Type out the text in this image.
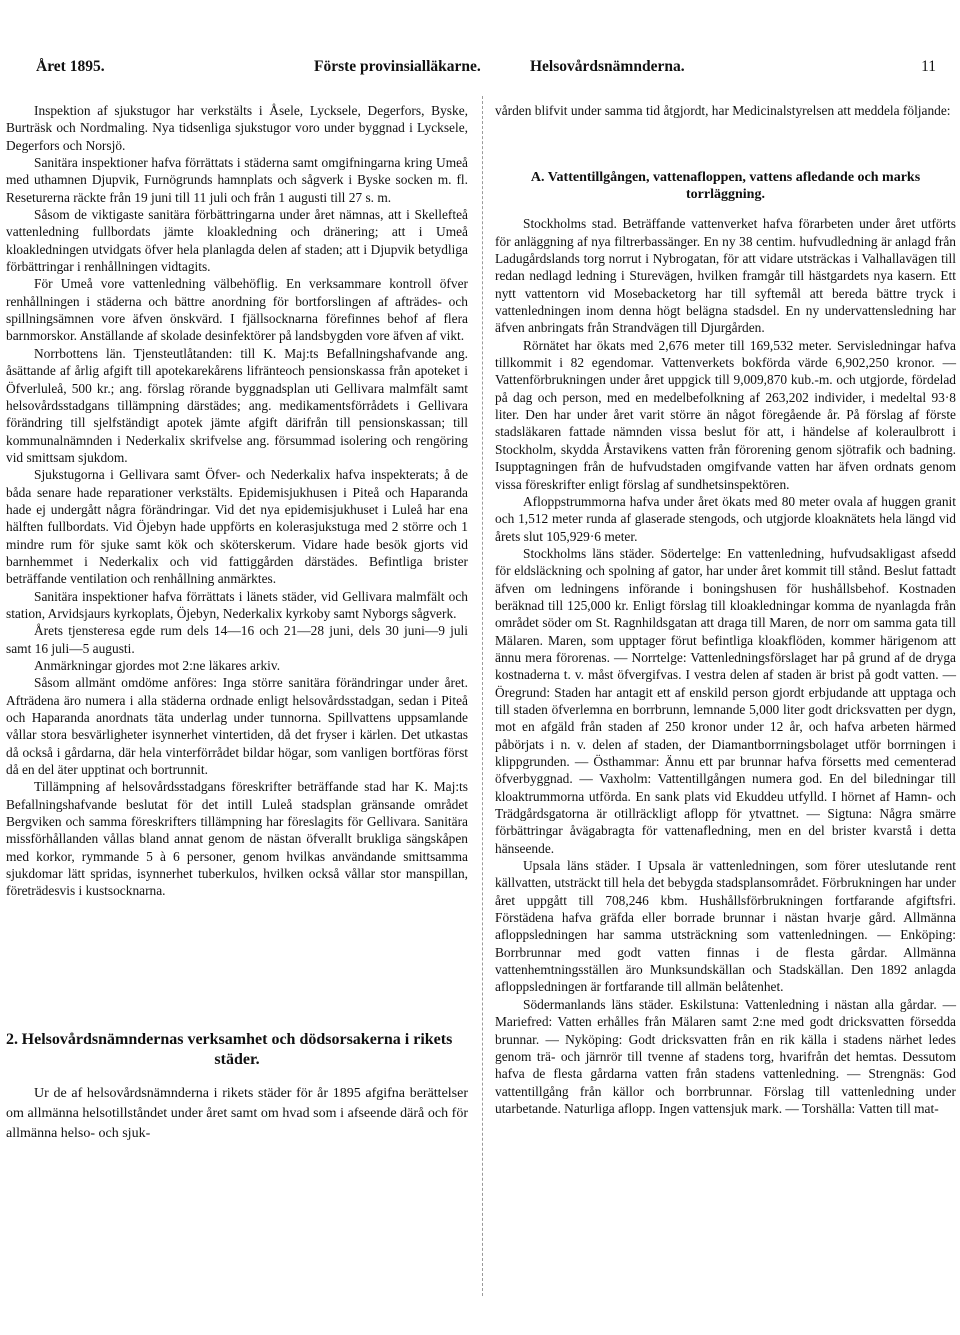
Året 1895.	Förste provinsialläkarne.	Helsovårdsnämnderna.	11

Inspektion af sjukstugor har verkstälts i Åsele, Lycksele, Degerfors, Byske, Burträsk och Nordmaling. Nya tidsenliga sjukstugor voro under byggnad i Lycksele, Degerfors och Norsjö.

Sanitära inspektioner hafva förrättats i städerna samt omgifningarna kring Umeå med uthamnen Djupvik, Furnögrunds hamnplats och sågverk i Byske socken m. fl. Reseturerna räckte från 19 juni till 11 juli och från 1 augusti till 27 s. m.

Såsom de viktigaste sanitära förbättringarna under året nämnas, att i Skellefteå vattenledning fullbordats jämte kloakledning och dränering; att i Umeå kloakledningen utvidgats öfver hela planlagda delen af staden; att i Djupvik betydliga förbättringar i renhållningen vidtagits.

För Umeå vore vattenledning välbehöflig. En verksammare kontroll öfver renhållningen i städerna och bättre anordning för bortforslingen af afträdes- och spillningsämnen vore äfven önskvärd. I fjällsocknarna förefinnes behof af flera barnmorskor. Anställande af skolade desinfektörer på landsbygden vore äfven af vikt.

Norrbottens län. Tjensteutlåtanden: till K. Maj:ts Befallningshafvande ang. åsättande af årlig afgift till apotekarekårens lifränteoch pensionskassa från apoteket i Öfverluleå, 500 kr.; ang. förslag rörande byggnadsplan uti Gellivara malmfält samt helsovårdsstadgans tillämpning därstädes; ang. medikamentsförrådets i Gellivara förändring till sjelfständigt apotek jämte afgift därifrån till pensionskassan; till kommunalnämnden i Nederkalix skrifvelse ang. försummad isolering och rengöring vid smittsam sjukdom.

Sjukstugorna i Gellivara samt Öfver- och Nederkalix hafva inspekterats; å de båda senare hade reparationer verkstälts. Epidemisjukhusen i Piteå och Haparanda hade ej undergått några förändringar. Vid det nya epidemisjukhuset i Luleå har ena hälften fullbordats. Vid Öjebyn hade uppförts en kolerasjukstuga med 2 större och 1 mindre rum för sjuke samt kök och sköterskerum. Vidare hade besök gjorts vid barnhemmet i Nederkalix och vid fattiggården därstädes. Befintliga brister beträffande ventilation och renhållning anmärktes.

Sanitära inspektioner hafva förrättats i länets städer, vid Gellivara malmfält och station, Arvidsjaurs kyrkoplats, Öjebyn, Nederkalix kyrkoby samt Nyborgs sågverk.

Årets tjensteresa egde rum dels 14—16 och 21—28 juni, dels 30 juni—9 juli samt 16 juli—5 augusti.

Anmärkningar gjordes mot 2:ne läkares arkiv.

Såsom allmänt omdöme anföres: Inga större sanitära förändringar under året. Afträdena äro numera i alla städerna ordnade enligt helsovårdsstadgan, sedan i Piteå och Haparanda anordnats täta underlag under tunnorna. Spillvattens uppsamlande vållar stora besvärligheter isynnerhet vintertiden, då det fryser i kärlen. Det utkastas då också i gårdarna, där hela vinterförrådet bildar högar, som vanligen bortföras först då en del äter upptinat och bortrunnit.

Tillämpning af helsovårdsstadgans föreskrifter beträffande stad har K. Maj:ts Befallningshafvande beslutat för det intill Luleå stadsplan gränsande området Bergviken och samma föreskrifters tillämpning har föreslagits för Gellivara. Sanitära missförhållanden vållas bland annat genom de nästan öfverallt brukliga sängskåpen med korkor, rymmande 5 à 6 personer, genom hvilkas användande smittsamma sjukdomar lätt spridas, isynnerhet tuberkulos, hvilken också vållar stor manspillan, företrädesvis i kustsocknarna.

2. Helsovårdsnämndernas verksamhet och dödsorsakerna i rikets städer.

Ur de af helsovårdsnämnderna i rikets städer för år 1895 afgifna berättelser om allmänna helsotillståndet under året samt om hvad som i afseende därå och för allmänna helso- och sjuk-

vården blifvit under samma tid åtgjordt, har Medicinalstyrelsen att meddela följande:

A. Vattentillgången, vattenafloppen, vattens afledande och marks torrläggning.

Stockholms stad. Beträffande vattenverket hafva förarbeten under året utförts för anläggning af nya filtrerbassänger. En ny 38 centim. hufvudledning är anlagd från Ladugårdslands torg norrut i Nybrogatan, för att vidare utsträckas i Valhallavägen till redan nedlagd ledning i Sturevägen, hvilken framgår till hästgardets nya kasern. Ett nytt vattentorn vid Mosebacketorg har till syftemål att bereda bättre tryck i vattenledningen inom denna högt belägna stadsdel. En ny undervattensledning har äfven anbringats från Strandvägen till Djurgården.

Rörnätet har ökats med 2,676 meter till 169,532 meter. Servisledningar hafva tillkommit i 82 egendomar. Vattenverkets bokförda värde 6,902,250 kronor. — Vattenförbrukningen under året uppgick till 9,009,870 kub.-m. och utgjorde, fördelad på dag och person, med en medelbefolkning af 263,202 individer, i medeltal 93·8 liter. Den har under året varit större än något föregående år. På förslag af förste stadsläkaren fattade nämnden vissa beslut för att, i händelse af koleraulbrott i Stockholm, skydda Årstavikens vatten från förorening genom sjötrafik och badning. Isupptagningen från de hufvudstaden omgifvande vatten har äfven ordnats genom vissa föreskrifter enligt förslag af sundhetsinspektören.

Afloppstrummorna hafva under året ökats med 80 meter ovala af huggen granit och 1,512 meter runda af glaserade stengods, och utgjorde kloaknätets hela längd vid årets slut 105,929·6 meter.

Stockholms läns städer. Södertelge: En vattenledning, hufvudsakligast afsedd för eldsläckning och spolning af gator, har under året kommit till stånd. Beslut fattadt äfven om ledningens införande i boningshusen för hushållsbehof. Kostnaden beräknad till 125,000 kr. Enligt förslag till kloakledningar komma de nyanlagda från området söder om St. Ragnhildsgatan att draga till Maren, de norr om samma gata till Mälaren. Maren, som upptager förut befintliga kloakflöden, kommer härigenom att ännu mera förorenas. — Norrtelge: Vattenledningsförslaget har på grund af de dryga kostnaderna t. v. måst öfvergifvas. I vestra delen af staden är brist på godt vatten. — Öregrund: Staden har antagit ett af enskild person gjordt erbjudande att upptaga och till staden öfverlemna en borrbrunn, lemnande 5,000 liter godt dricksvatten per dygn, mot en afgäld från staden af 250 kronor under 12 år, och hafva arbeten härmed påbörjats i n. v. delen af staden, der Diamantborrningsbolaget utför borrningen i klippgrunden. — Östhammar: Ännu ett par brunnar hafva försetts med cementerad öfverbyggnad. — Vaxholm: Vattentillgången numera god. En del biledningar till kloaktrummorna utförda. En sank plats vid Ekuddeu utfylld. I hörnet af Hamn- och Trädgårdsgatorna är otillräckligt aflopp för ytvattnet. — Sigtuna: Några smärre förbättringar åvägabragta för vattenafledning, men en del brister kvarstå i detta hänseende.

Upsala läns städer. I Upsala är vattenledningen, som förer uteslutande rent källvatten, utsträckt till hela det bebygda stadsplansområdet. Förbrukningen har under året uppgått till 708,246 kbm. Hushållsförbrukningen fortfarande afgiftsfri. Förstädena hafva gräfda eller borrade brunnar i nästan hvarje gård. Allmänna afloppsledningen har samma utsträckning som vattenledningen. — Enköping: Borrbrunnar med godt vatten finnas i de flesta gårdar. Allmänna vattenhemtningsställen äro Munksundskällan och Stadskällan. Den 1892 anlagda afloppsledningen är fortfarande till allmän belåtenhet.

Södermanlands läns städer. Eskilstuna: Vattenledning i nästan alla gårdar. — Mariefred: Vatten erhålles från Mälaren samt 2:ne med godt dricksvatten försedda brunnar. — Nyköping: Godt dricksvatten från en rik källa i stadens närhet ledes genom trä- och järnrör till tvenne af stadens torg, hvarifrån det hemtas. Dessutom hafva de flesta gårdarna vatten från stadens vattenledning. — Strengnäs: God vattentillgång från källor och borrbrunnar. Förslag till vattenledning under utarbetande. Naturliga aflopp. Ingen vattensjuk mark. — Torshälla: Vatten till mat-
